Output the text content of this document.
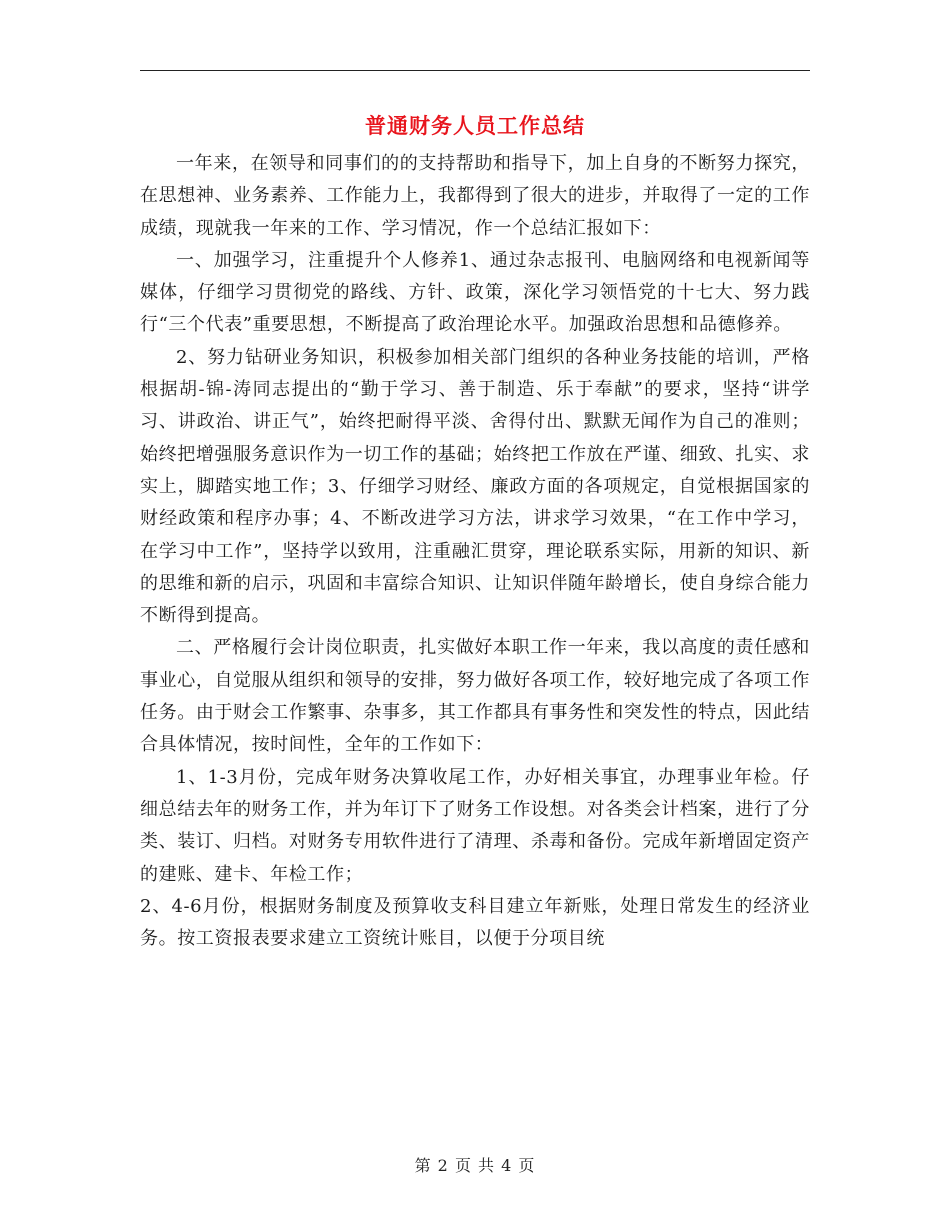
普通财务人员工作总结

一年来，在领导和同事们的的支持帮助和指导下，加上自身的不断努力探究，在思想神、业务素养、工作能力上，我都得到了很大的进步，并取得了一定的工作成绩，现就我一年来的工作、学习情况，作一个总结汇报如下：

一、加强学习，注重提升个人修养1、通过杂志报刊、电脑网络和电视新闻等媒体，仔细学习贯彻党的路线、方针、政策，深化学习领悟党的十七大、努力践行“三个代表”重要思想，不断提高了政治理论水平。加强政治思想和品德修养。

2、努力钻研业务知识，积极参加相关部门组织的各种业务技能的培训，严格根据胡-锦-涛同志提出的“勤于学习、善于制造、乐于奉献”的要求，坚持“讲学习、讲政治、讲正气”，始终把耐得平淡、舍得付出、默默无闻作为自己的准则；始终把增强服务意识作为一切工作的基础；始终把工作放在严谨、细致、扎实、求实上，脚踏实地工作；3、仔细学习财经、廉政方面的各项规定，自觉根据国家的财经政策和程序办事；4、不断改进学习方法，讲求学习效果，“在工作中学习，在学习中工作”，坚持学以致用，注重融汇贯穿，理论联系实际，用新的知识、新的思维和新的启示，巩固和丰富综合知识、让知识伴随年龄增长，使自身综合能力不断得到提高。

二、严格履行会计岗位职责，扎实做好本职工作一年来，我以高度的责任感和事业心，自觉服从组织和领导的安排，努力做好各项工作，较好地完成了各项工作任务。由于财会工作繁事、杂事多，其工作都具有事务性和突发性的特点，因此结合具体情况，按时间性，全年的工作如下：

1、1-3月份，完成年财务决算收尾工作，办好相关事宜，办理事业年检。仔细总结去年的财务工作，并为年订下了财务工作设想。对各类会计档案，进行了分类、装订、归档。对财务专用软件进行了清理、杀毒和备份。完成年新增固定资产的建账、建卡、年检工作；

2、4-6月份，根据财务制度及预算收支科目建立年新账，处理日常发生的经济业务。按工资报表要求建立工资统计账目，以便于分项目统

第 2 页 共 4 页
